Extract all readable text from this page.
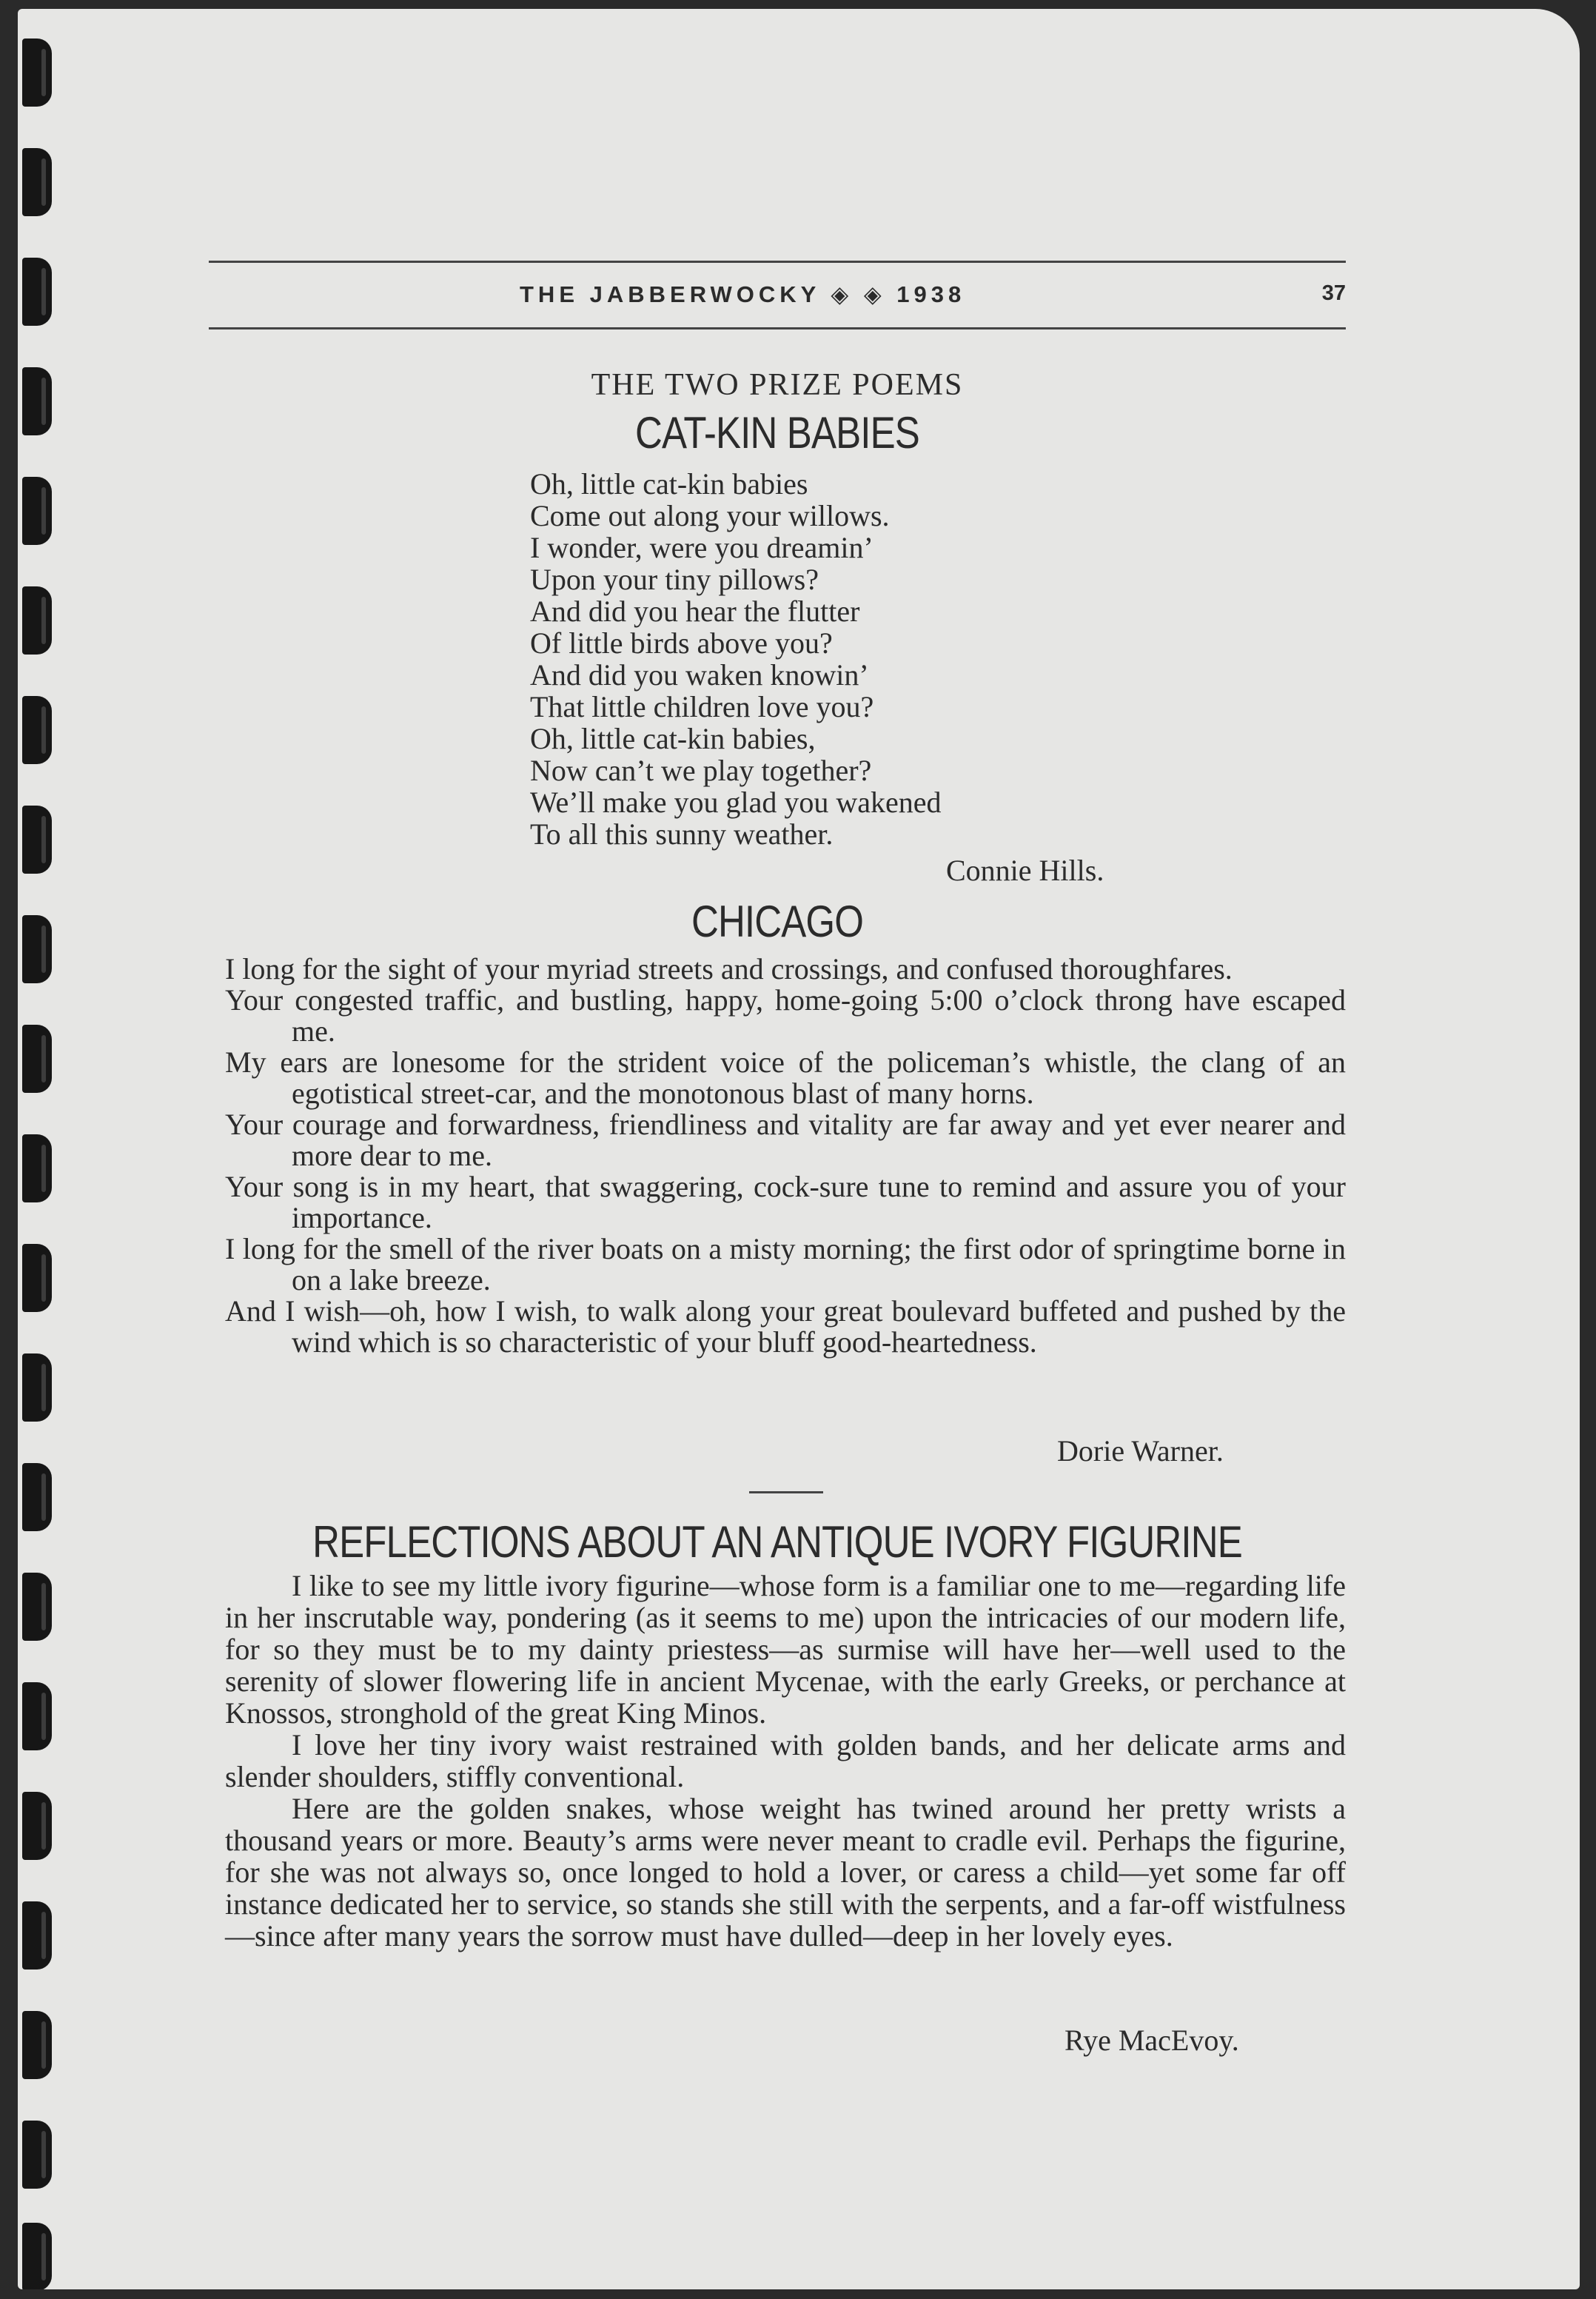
THE JABBERWOCKY ◈ ◈ 1938	37
THE TWO PRIZE POEMS
CAT-KIN BABIES
Oh, little cat-kin babies
Come out along your willows.
I wonder, were you dreamin’
Upon your tiny pillows?
And did you hear the flutter
Of little birds above you?
And did you waken knowin’
That little children love you?
Oh, little cat-kin babies,
Now can’t we play together?
We’ll make you glad you wakened
To all this sunny weather.
Connie Hills.
CHICAGO

I long for the sight of your myriad streets and crossings, and confused thoroughfares.

Your congested traffic, and bustling, happy, home-going 5:00 o’clock throng have escaped me.

My ears are lonesome for the strident voice of the policeman’s whistle, the clang of an egotistical street-car, and the monotonous blast of many horns.

Your courage and forwardness, friendliness and vitality are far away and yet ever nearer and more dear to me.

Your song is in my heart, that swaggering, cock-sure tune to remind and assure you of your importance.

I long for the smell of the river boats on a misty morning; the first odor of springtime borne in on a lake breeze.

And I wish—oh, how I wish, to walk along your great boulevard buffeted and pushed by the wind which is so characteristic of your bluff good-heartedness.

Dorie Warner.
REFLECTIONS ABOUT AN ANTIQUE IVORY FIGURINE

I like to see my little ivory figurine—whose form is a familiar one to me—regarding life in her inscrutable way, pondering (as it seems to me) upon the intricacies of our modern life, for so they must be to my dainty priestess—as surmise will have her—well used to the serenity of slower flowering life in ancient Mycenae, with the early Greeks, or perchance at Knossos, stronghold of the great King Minos.

I love her tiny ivory waist restrained with golden bands, and her delicate arms and slender shoulders, stiffly conventional.

Here are the golden snakes, whose weight has twined around her pretty wrists a thousand years or more. Beauty’s arms were never meant to cradle evil. Perhaps the figurine, for she was not always so, once longed to hold a lover, or caress a child—yet some far off instance dedicated her to service, so stands she still with the serpents, and a far-off wistfulness—since after many years the sorrow must have dulled—deep in her lovely eyes.

Rye MacEvoy.
